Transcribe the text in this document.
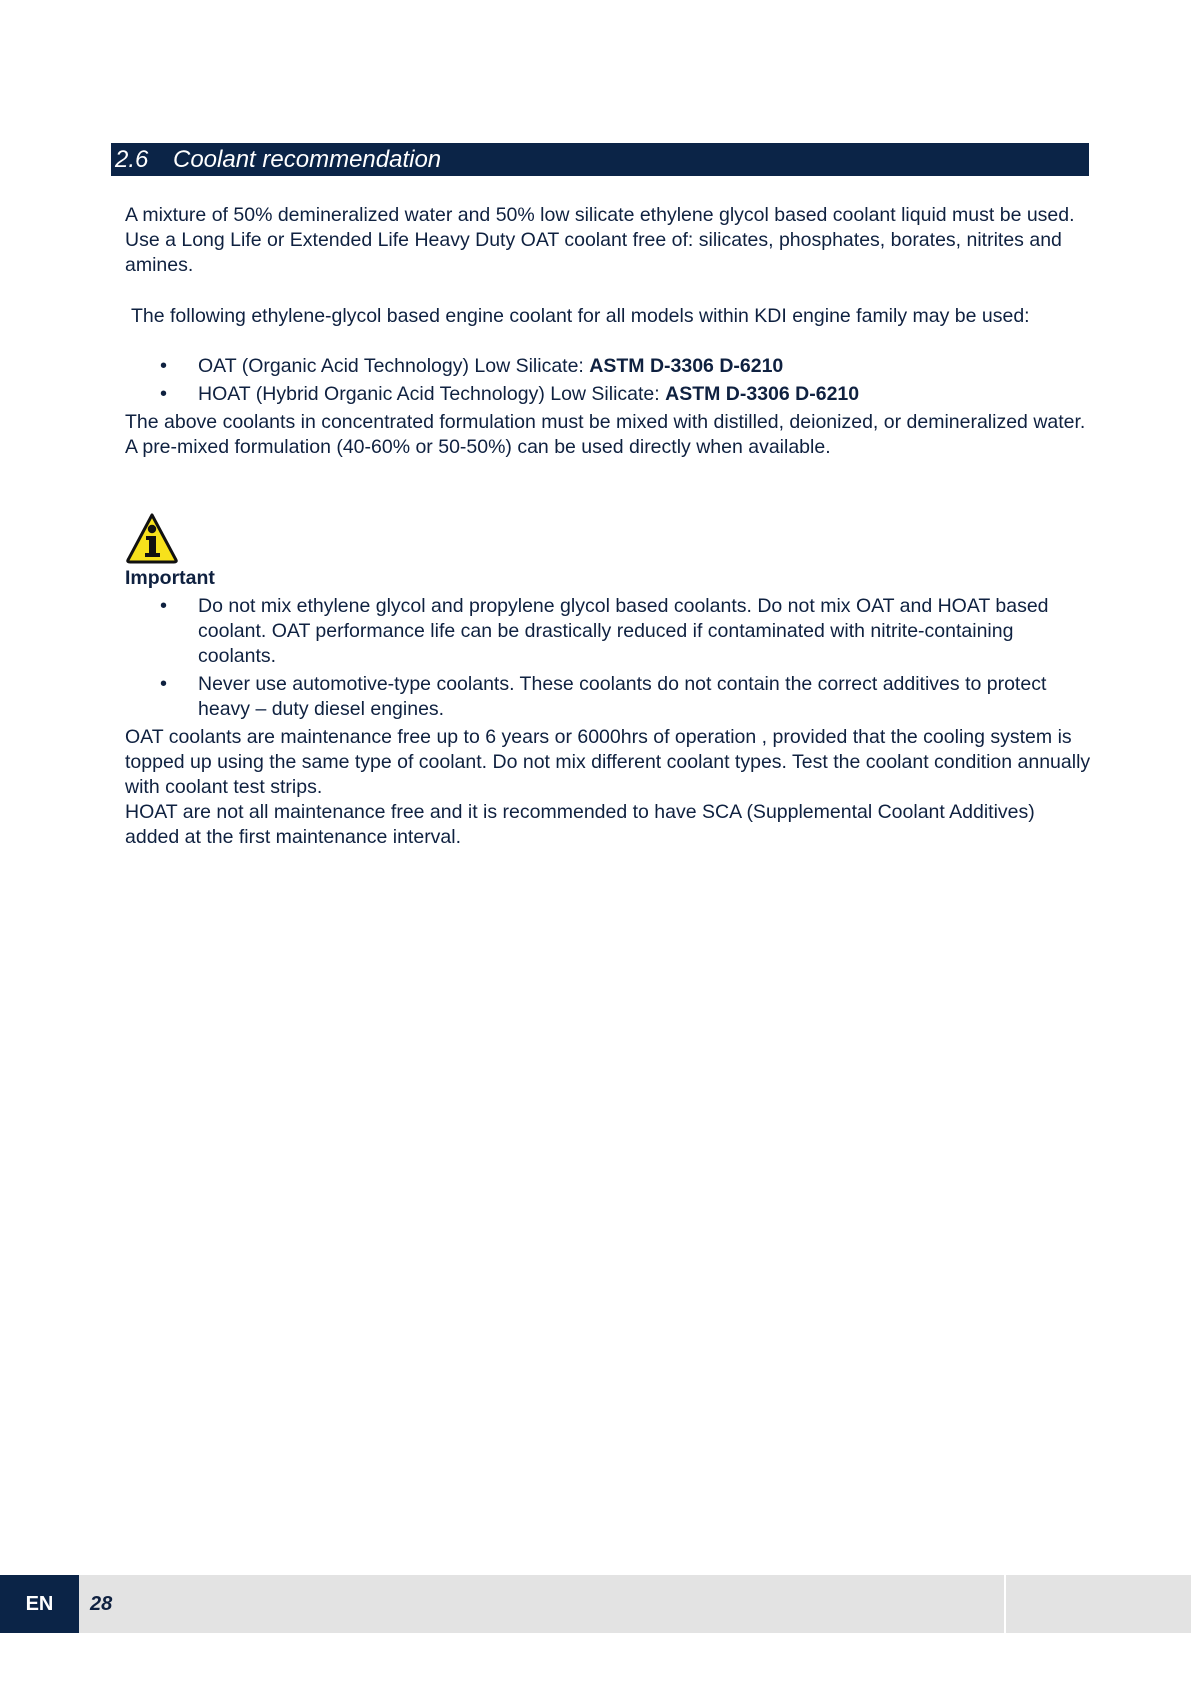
2.6 Coolant recommendation

A mixture of 50% demineralized water and 50% low silicate ethylene glycol based coolant liquid must be used. Use a Long Life or Extended Life Heavy Duty OAT coolant free of: silicates, phosphates, borates, nitrites and amines.

The following ethylene-glycol based engine coolant for all models within KDI engine family may be used:

• OAT (Organic Acid Technology) Low Silicate: ASTM D-3306 D-6210
• HOAT (Hybrid Organic Acid Technology) Low Silicate: ASTM D-3306 D-6210

The above coolants in concentrated formulation must be mixed with distilled, deionized, or demineralized water. A pre-mixed formulation (40-60% or 50-50%) can be used directly when available.

Important
• Do not mix ethylene glycol and propylene glycol based coolants. Do not mix OAT and HOAT based coolant. OAT performance life can be drastically reduced if contaminated with nitrite-containing coolants.
• Never use automotive-type coolants. These coolants do not contain the correct additives to protect heavy – duty diesel engines.

OAT coolants are maintenance free up to 6 years or 6000hrs of operation , provided that the cooling system is topped up using the same type of coolant. Do not mix different coolant types. Test the coolant condition annually with coolant test strips.

HOAT are not all maintenance free and it is recommended to have SCA (Supplemental Coolant Additives) added at the first maintenance interval.

EN	28
